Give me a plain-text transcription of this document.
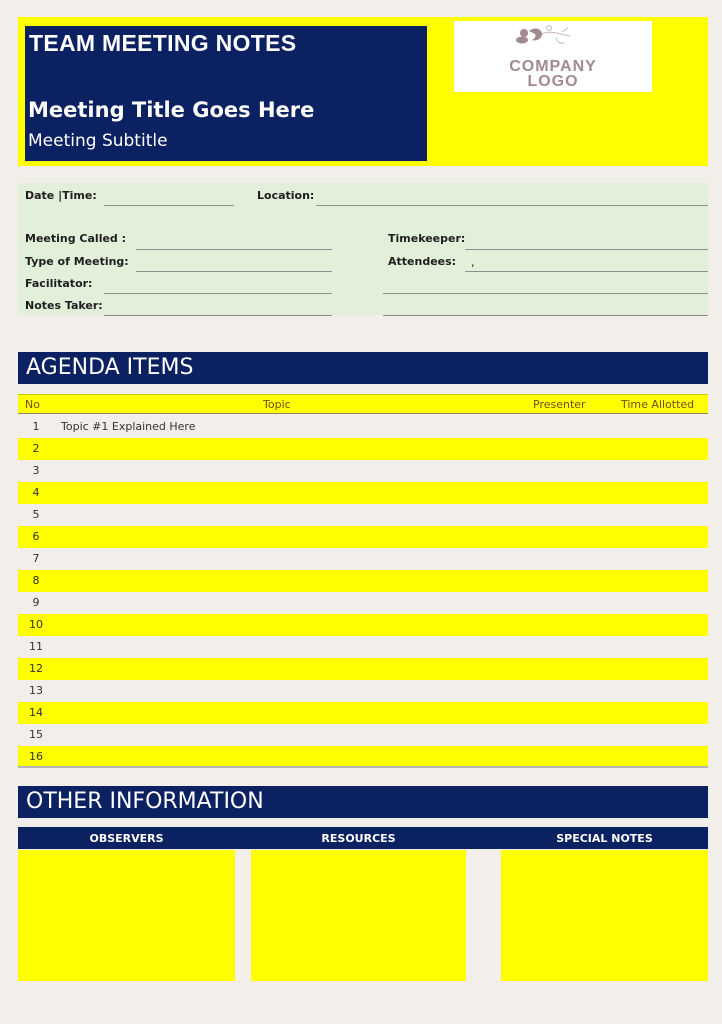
TEAM MEETING NOTES
Meeting Title Goes Here
Meeting Subtitle
COMPANY
LOGO
Date |Time:	Location:
Meeting Called :	Timekeeper:
Type of Meeting:	Attendees: ,
Facilitator:
Notes Taker:
AGENDA ITEMS
No	Topic	Presenter	Time Allotted
1	Topic #1 Explained Here
2
3
4
5
6
7
8
9
10
11
12
13
14
15
16
OTHER INFORMATION
OBSERVERS	RESOURCES	SPECIAL NOTES
